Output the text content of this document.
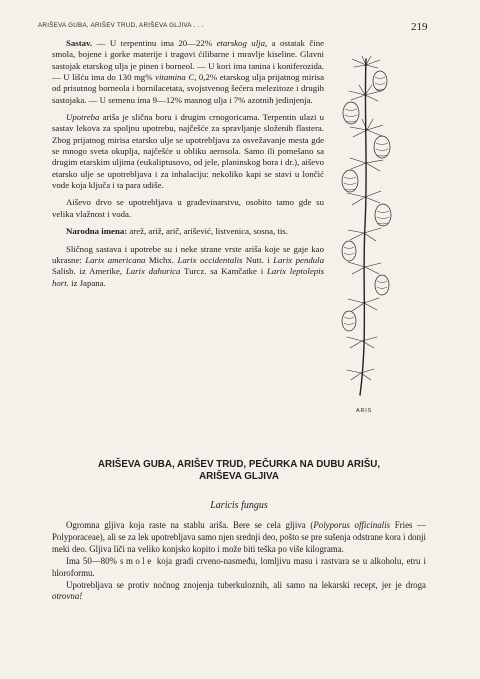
ARIŠEVA GUBA, ARIŠEV TRUD, ARIŠEVA GLJIVA . . .	219

Sastav. — U terpentinu ima 20—22% etarskog ulja, a ostatak čine smola, bojene i gorke materije i tragovi ćilibarne i mravlje kiseline. Glavni sastojak etarskog ulja je pinen i borneol. — U kori ima tanina i koniferozida. — U lišću ima do 130 mg% vitamina C, 0,2% etarskog ulja prijatnog mirisa od prisutnog borneola i bornilacetata, svojstvenog šećera melezitoze i drugih sastojaka. — U semenu ima 9—12% masnog ulja i 7% azotnih jedinjenja.

Upotreba ariša je slična boru i drugim crnogoricama. Terpentin ulazi u sastav lekova za spoljnu upotrebu, najčešće za spravljanje složenih flastera. Zbog prijatnog mirisa etarsko ulje se upotrebljava za osvežavanje mesta gde se mnogo sveta okuplja, najčešće u obliku aerosola. Samo ili pomešano sa drugim etarskim uljima (eukaliptusovo, od jele, planinskog bora i dr.), aiševo etarsko ulje se upotrebljava i za inhalaciju: nekoliko kapi se stavi u lončić vode koja ključa i ta para udiše.

Aiševo drvo se upotrebljava u građevinarstvu, osobito tamo gde su velika vlažnost i voda.

Narodna imena: arež, ariž, arič, arišević, listvenica, sosna, tis.

Sličnog sastava i upotrebe su i neke strane vrste ariša koje se gaje kao ukrasne: Larix americana Michx. Larix occidentalis Nutt. i Larix pendula Salisb. iz Amerike, Larix dahurica Turcz. sa Kamčatke i Larix leptolepis hort. iz Japana.

ARIS
ARIŠEVA GUBA, ARIŠEV TRUD, PEČURKA NA DUBU ARIŠU,
ARIŠEVA GLJIVA
Laricis fungus

Ogromna gljiva koja raste na stablu ariša. Bere se cela gljiva (Polyporus officinalis Fries — Polyporaceae), ali se za lek upotrebljava samo njen srednji deo, pošto se pre sušenja odstrane kora i donji meki deo. Gljiva liči na veliko konjsko kopito i može biti teška po više kilograma.

Ima 50—80% smole koja gradi crveno-nasmeđu, lomljivu masu i rastvara se u alkoholu, etru i hloroformu.

Upotrebljava se protiv noćnog znojenja tuberkuloznih, ali samo na lekarski recept, jer je droga otrovna!
